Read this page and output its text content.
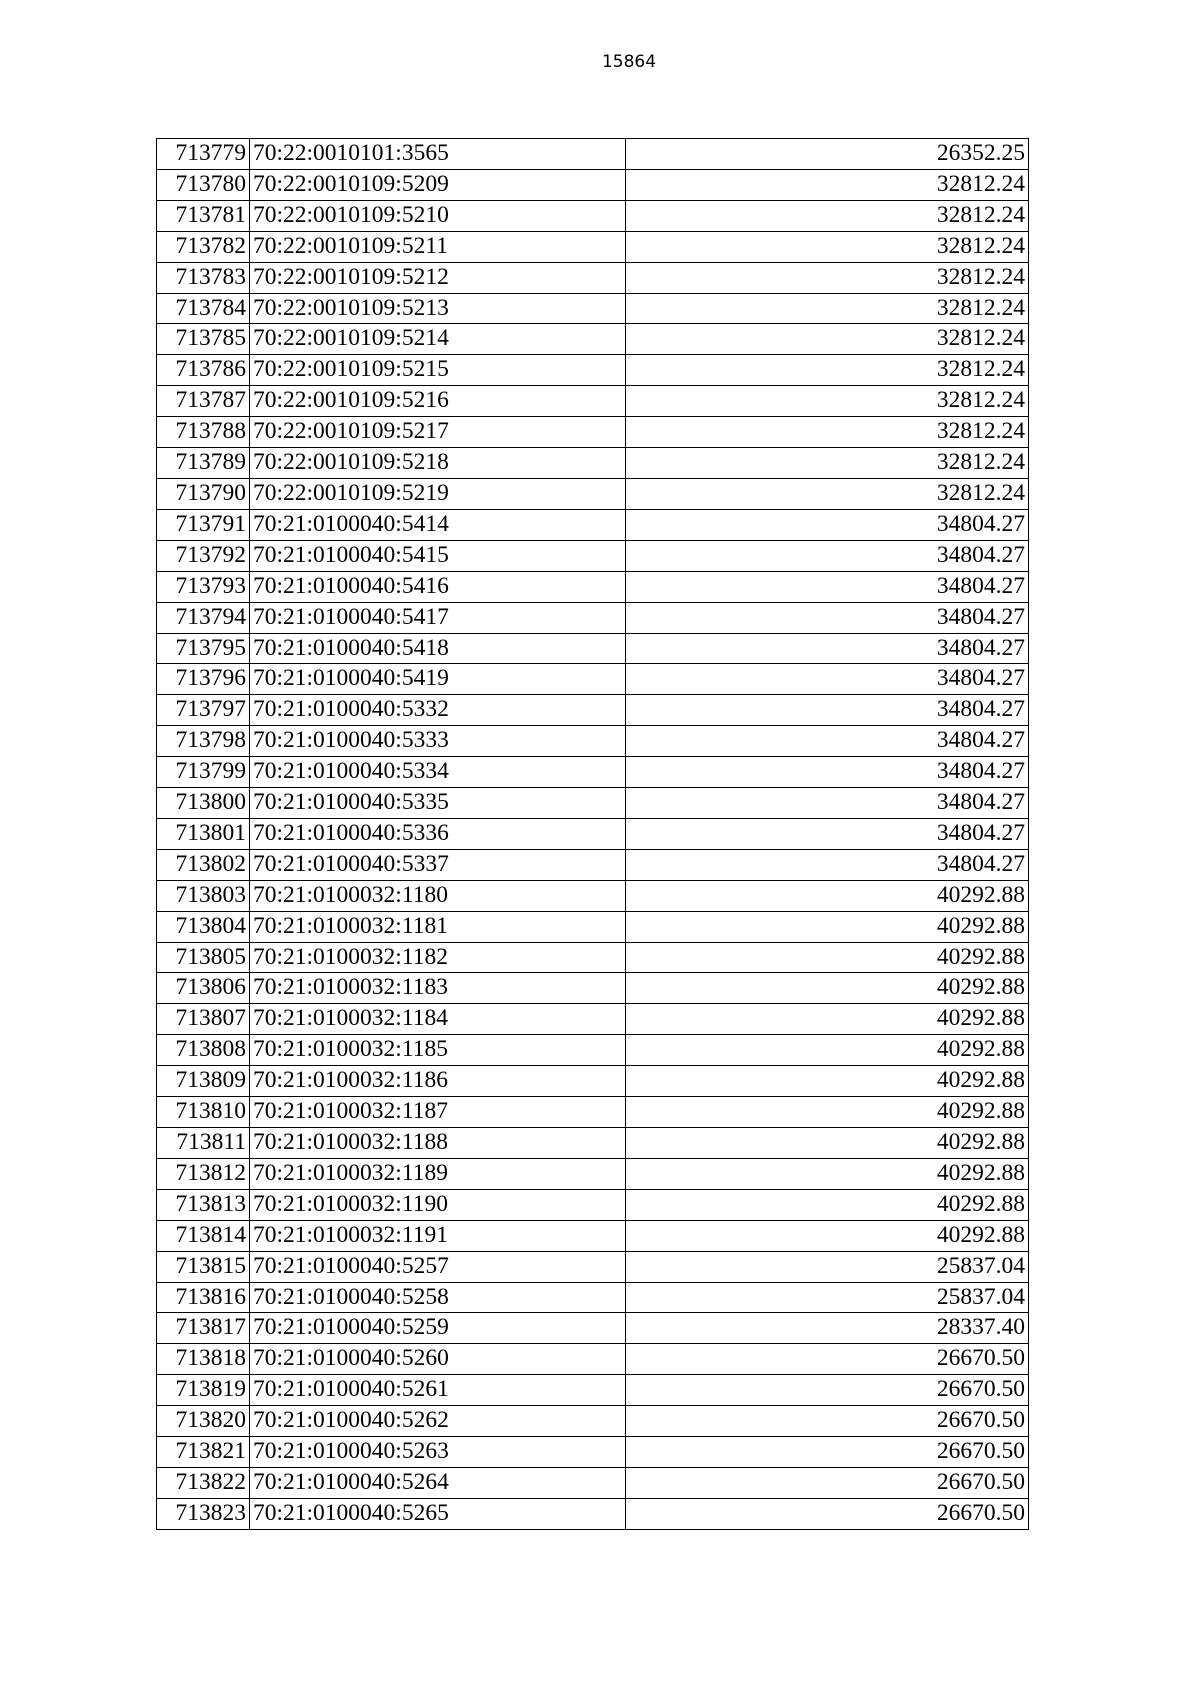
15864
713779	70:22:0010101:3565	26352.25
713780	70:22:0010109:5209	32812.24
713781	70:22:0010109:5210	32812.24
713782	70:22:0010109:5211	32812.24
713783	70:22:0010109:5212	32812.24
713784	70:22:0010109:5213	32812.24
713785	70:22:0010109:5214	32812.24
713786	70:22:0010109:5215	32812.24
713787	70:22:0010109:5216	32812.24
713788	70:22:0010109:5217	32812.24
713789	70:22:0010109:5218	32812.24
713790	70:22:0010109:5219	32812.24
713791	70:21:0100040:5414	34804.27
713792	70:21:0100040:5415	34804.27
713793	70:21:0100040:5416	34804.27
713794	70:21:0100040:5417	34804.27
713795	70:21:0100040:5418	34804.27
713796	70:21:0100040:5419	34804.27
713797	70:21:0100040:5332	34804.27
713798	70:21:0100040:5333	34804.27
713799	70:21:0100040:5334	34804.27
713800	70:21:0100040:5335	34804.27
713801	70:21:0100040:5336	34804.27
713802	70:21:0100040:5337	34804.27
713803	70:21:0100032:1180	40292.88
713804	70:21:0100032:1181	40292.88
713805	70:21:0100032:1182	40292.88
713806	70:21:0100032:1183	40292.88
713807	70:21:0100032:1184	40292.88
713808	70:21:0100032:1185	40292.88
713809	70:21:0100032:1186	40292.88
713810	70:21:0100032:1187	40292.88
713811	70:21:0100032:1188	40292.88
713812	70:21:0100032:1189	40292.88
713813	70:21:0100032:1190	40292.88
713814	70:21:0100032:1191	40292.88
713815	70:21:0100040:5257	25837.04
713816	70:21:0100040:5258	25837.04
713817	70:21:0100040:5259	28337.40
713818	70:21:0100040:5260	26670.50
713819	70:21:0100040:5261	26670.50
713820	70:21:0100040:5262	26670.50
713821	70:21:0100040:5263	26670.50
713822	70:21:0100040:5264	26670.50
713823	70:21:0100040:5265	26670.50
